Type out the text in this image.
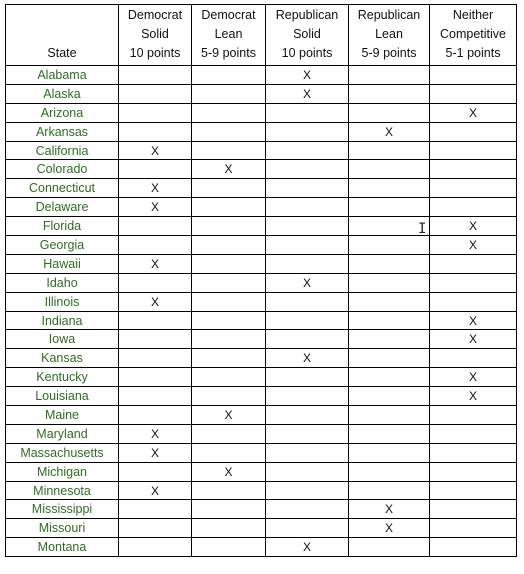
State	Democrat
Solid
10 points	Democrat
Lean
5-9 points	Republican
Solid
10 points	Republican
Lean
5-9 points	Neither
Competitive
5-1 points

Alabama			X		
Alaska			X		
Arizona					X
Arkansas				X	
California	X				
Colorado		X			
Connecticut	X				
Delaware	X				
Florida					X
Georgia					X
Hawaii	X				
Idaho			X		
Illinois	X				
Indiana					X
Iowa					X
Kansas			X		
Kentucky					X
Louisiana					X
Maine		X			
Maryland	X				
Massachusetts	X				
Michigan		X			
Minnesota	X				
Mississippi				X	
Missouri				X	
Montana			X		
I
